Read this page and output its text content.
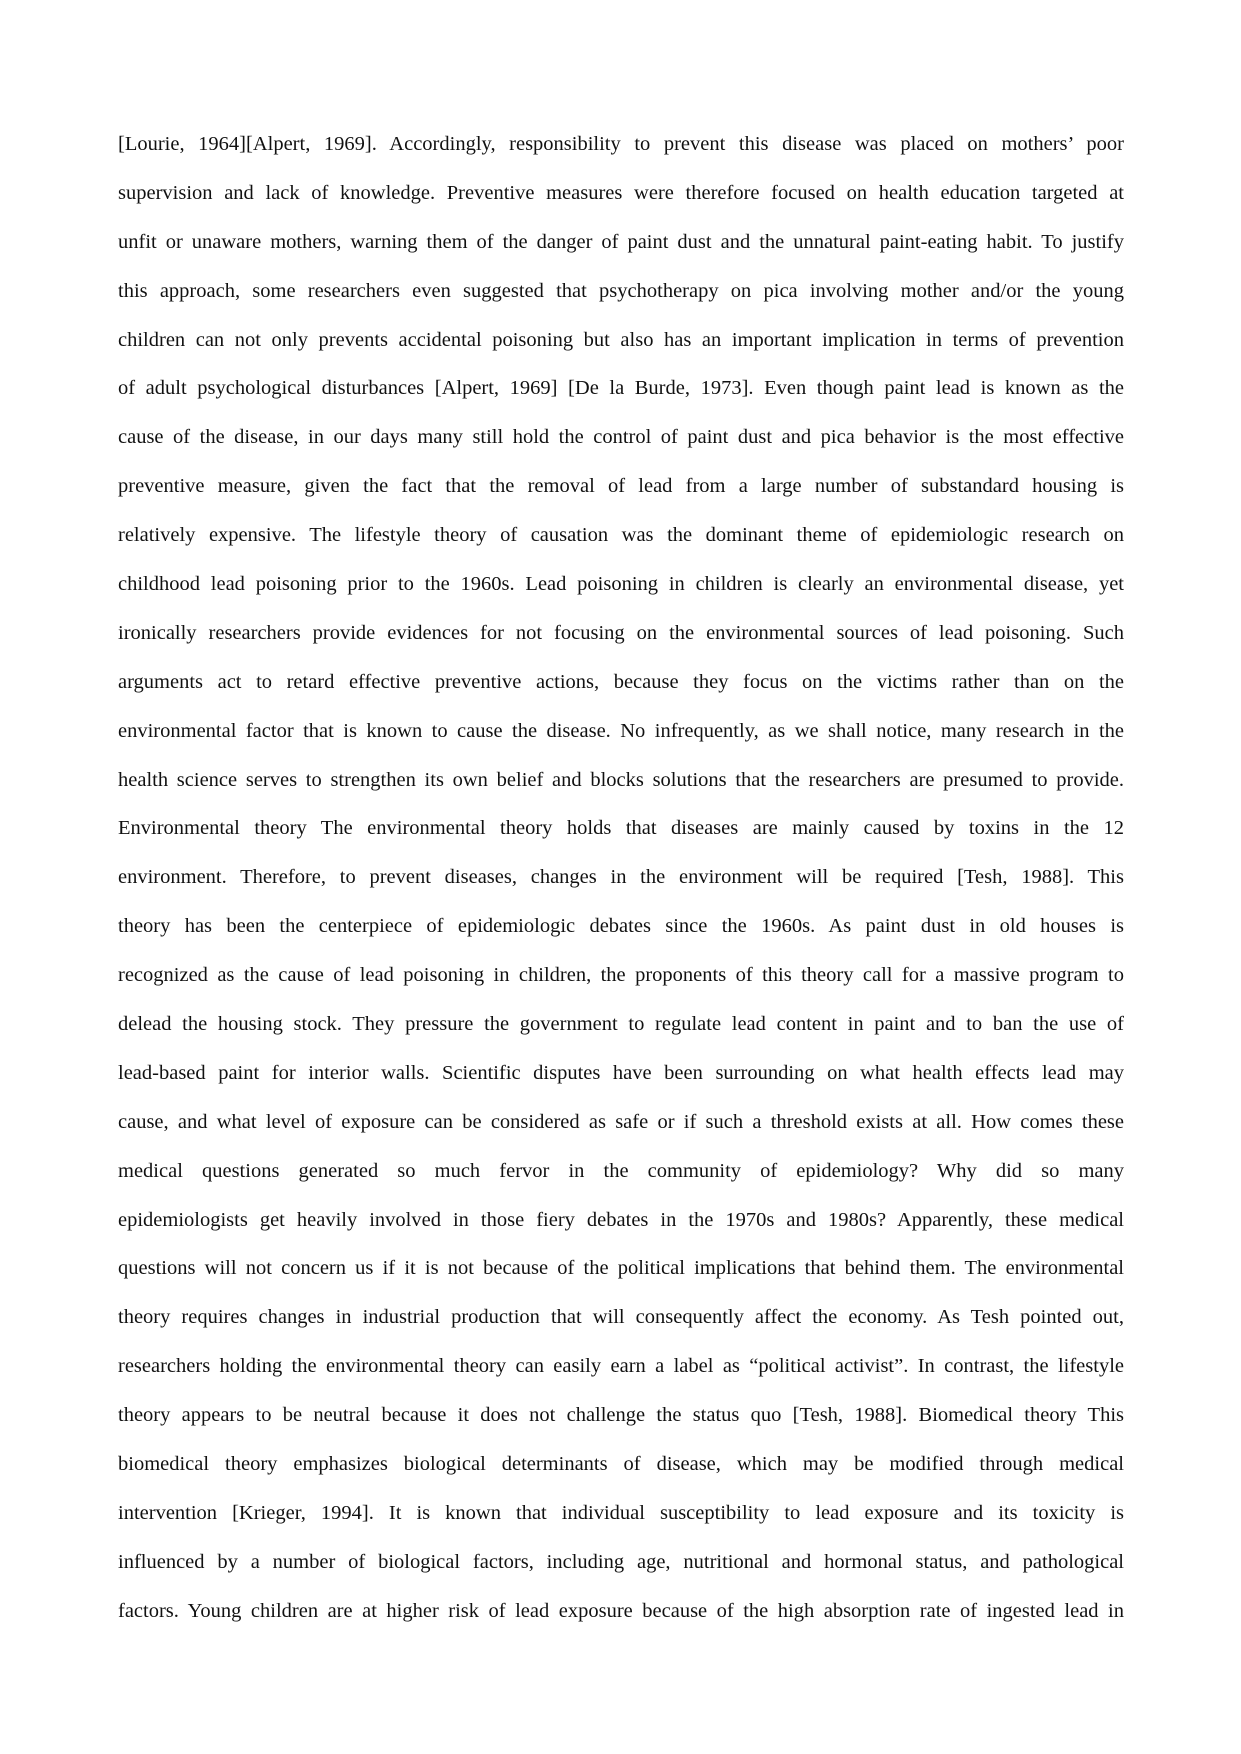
[Lourie, 1964][Alpert, 1969]. Accordingly, responsibility to prevent this disease was placed on mothers’ poor
supervision and lack of knowledge. Preventive measures were therefore focused on health education targeted at
unfit or unaware mothers, warning them of the danger of paint dust and the unnatural paint-eating habit. To justify
this approach, some researchers even suggested that psychotherapy on pica involving mother and/or the young
children can not only prevents accidental poisoning but also has an important implication in terms of prevention
of adult psychological disturbances [Alpert, 1969] [De la Burde, 1973]. Even though paint lead is known as the
cause of the disease, in our days many still hold the control of paint dust and pica behavior is the most effective
preventive measure, given the fact that the removal of lead from a large number of substandard housing is
relatively expensive. The lifestyle theory of causation was the dominant theme of epidemiologic research on
childhood lead poisoning prior to the 1960s. Lead poisoning in children is clearly an environmental disease, yet
ironically researchers provide evidences for not focusing on the environmental sources of lead poisoning. Such
arguments act to retard effective preventive actions, because they focus on the victims rather than on the
environmental factor that is known to cause the disease. No infrequently, as we shall notice, many research in the
health science serves to strengthen its own belief and blocks solutions that the researchers are presumed to provide.
Environmental theory The environmental theory holds that diseases are mainly caused by toxins in the 12
environment. Therefore, to prevent diseases, changes in the environment will be required [Tesh, 1988]. This
theory has been the centerpiece of epidemiologic debates since the 1960s. As paint dust in old houses is
recognized as the cause of lead poisoning in children, the proponents of this theory call for a massive program to
delead the housing stock. They pressure the government to regulate lead content in paint and to ban the use of
lead-based paint for interior walls. Scientific disputes have been surrounding on what health effects lead may
cause, and what level of exposure can be considered as safe or if such a threshold exists at all. How comes these
medical questions generated so much fervor in the community of epidemiology? Why did so many
epidemiologists get heavily involved in those fiery debates in the 1970s and 1980s? Apparently, these medical
questions will not concern us if it is not because of the political implications that behind them. The environmental
theory requires changes in industrial production that will consequently affect the economy. As Tesh pointed out,
researchers holding the environmental theory can easily earn a label as “political activist”. In contrast, the lifestyle
theory appears to be neutral because it does not challenge the status quo [Tesh, 1988]. Biomedical theory This
biomedical theory emphasizes biological determinants of disease, which may be modified through medical
intervention [Krieger, 1994]. It is known that individual susceptibility to lead exposure and its toxicity is
influenced by a number of biological factors, including age, nutritional and hormonal status, and pathological
factors. Young children are at higher risk of lead exposure because of the high absorption rate of ingested lead in
